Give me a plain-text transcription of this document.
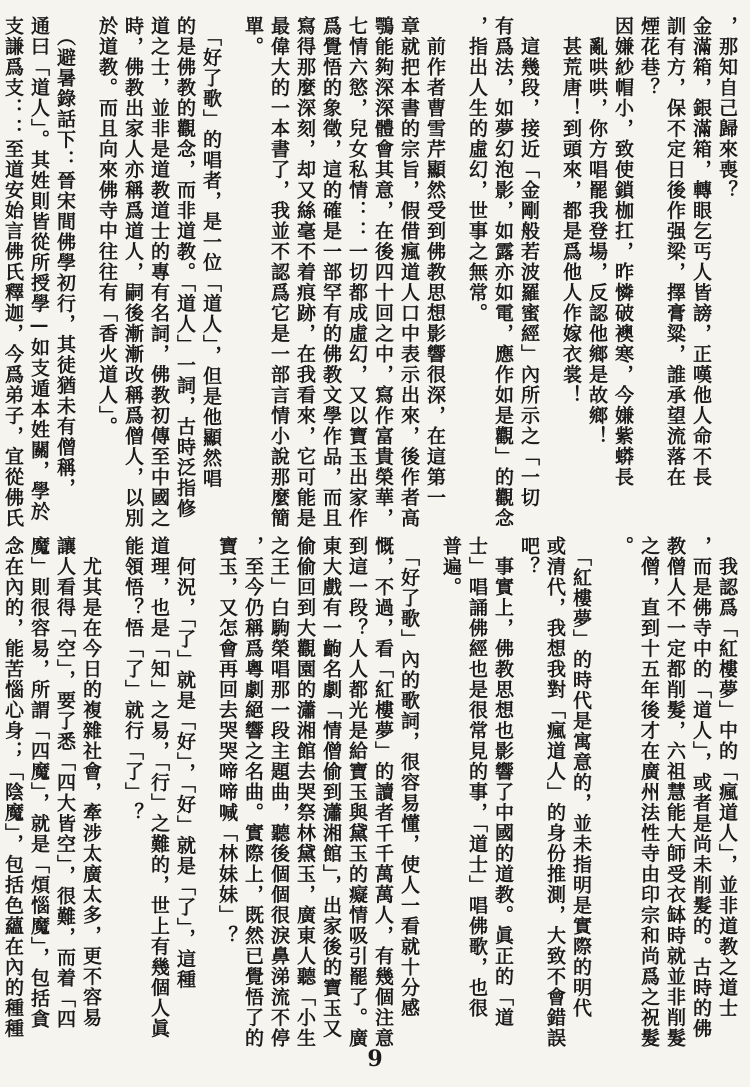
，那知自己歸來喪？
金滿箱，銀滿箱，轉眼乞丐人皆謗，正嘆他人命不長
訓有方，保不定日後作强梁，擇膏粱，誰承望流落在
煙花巷？
因嫌紗帽小，致使鎖枷扛，昨憐破襖寒，今嫌紫蟒長
　亂哄哄，你方唱罷我登場，反認他鄉是故鄉！
　甚荒唐！到頭來，都是爲他人作嫁衣裳！
　這幾段，接近「金剛般若波羅蜜經」內所示之「一切
有爲法，如夢幻泡影，如露亦如電，應作如是觀」的觀念
，指出人生的虛幻，世事之無常。
　前作者曹雪芹顯然受到佛教思想影響很深，在這第一
章就把本書的宗旨，假借瘋道人口中表示出來，後作者高
鶚能夠深深體會其意，在後四十回之中，寫作富貴榮華，
七情六慾，兒女私情：：一切都成虛幻，又以寶玉出家作
爲覺悟的象徵，這的確是一部罕有的佛教文學作品，而且
寫得那麼深刻，却又絲毫不着痕跡，在我看來，它可能是
最偉大的一本書了，我並不認爲它是一部言情小說那麼簡
單。
　「好了歌」的唱者，是一位「道人」，但是他顯然唱
的是佛教的觀念，而非道教。「道人」一詞，古時泛指修
道之士，並非是道教道士的專有名詞，佛教初傳至中國之
時，佛教出家人亦稱爲道人，嗣後漸漸改稱爲僧人，以別
於道教。而且向來佛寺中往往有「香火道人」。
　（避暑錄話下：晉宋間佛學初行，其徒猶未有僧稱，
通曰「道人」。其姓則皆從所授學—如支遁本姓關，學於
支謙爲支：：至道安始言佛氏釋迦，今爲弟子，宜從佛氏
　我認爲「紅樓夢」中的「瘋道人」，並非道教之道士
，而是佛寺中的「道人」，或者是尚未削髮的。古時的佛
教僧人不一定都削髮，六祖慧能大師受衣缽時就並非削髮
之僧，直到十五年後才在廣州法性寺由印宗和尚爲之祝髮
。
　「紅樓夢」的時代是寓意的，並未指明是實際的明代
或清代，我想我對「瘋道人」的身份推測，大致不會錯誤
吧？
　事實上，佛教思想也影響了中國的道教。眞正的「道
士」唱誦佛經也是很常見的事，「道士」唱佛歌，也很
普遍。
　「好了歌」內的歌詞，很容易懂，使人一看就十分感
慨，不過，看「紅樓夢」的讀者千千萬萬人，有幾個注意
到這一段？人人都光是給寶玉與黛玉的癡情吸引罷了。廣
東大戲有一齣名劇「情僧偷到瀟湘館」，出家後的寶玉又
偷偷回到大觀園的瀟湘館去哭祭林黛玉，廣東人聽「小生
之王」白駒榮唱那一段主題曲，聽後個個很淚鼻涕流不停
，至今仍稱爲粵劇絕響之名曲。實際上，既然已覺悟了的
寶玉，又怎會再回去哭哭啼啼喊「林妹妹」？
　何況，「了」就是「好」，「好」就是「了」，這種
道理，也是「知」之易，「行」之難的，世上有幾個人眞
能領悟？悟「了」就行「了」？
　尤其是在今日的複雜社會，牽涉太廣太多，更不容易
讓人看得「空」，要了悉「四大皆空」，很難，而着「四
魔」則很容易，所謂「四魔」，就是「煩惱魔」，包括貪
念在內的，能苦惱心身；「陰魔」，包括色蘊在內的種種
9
